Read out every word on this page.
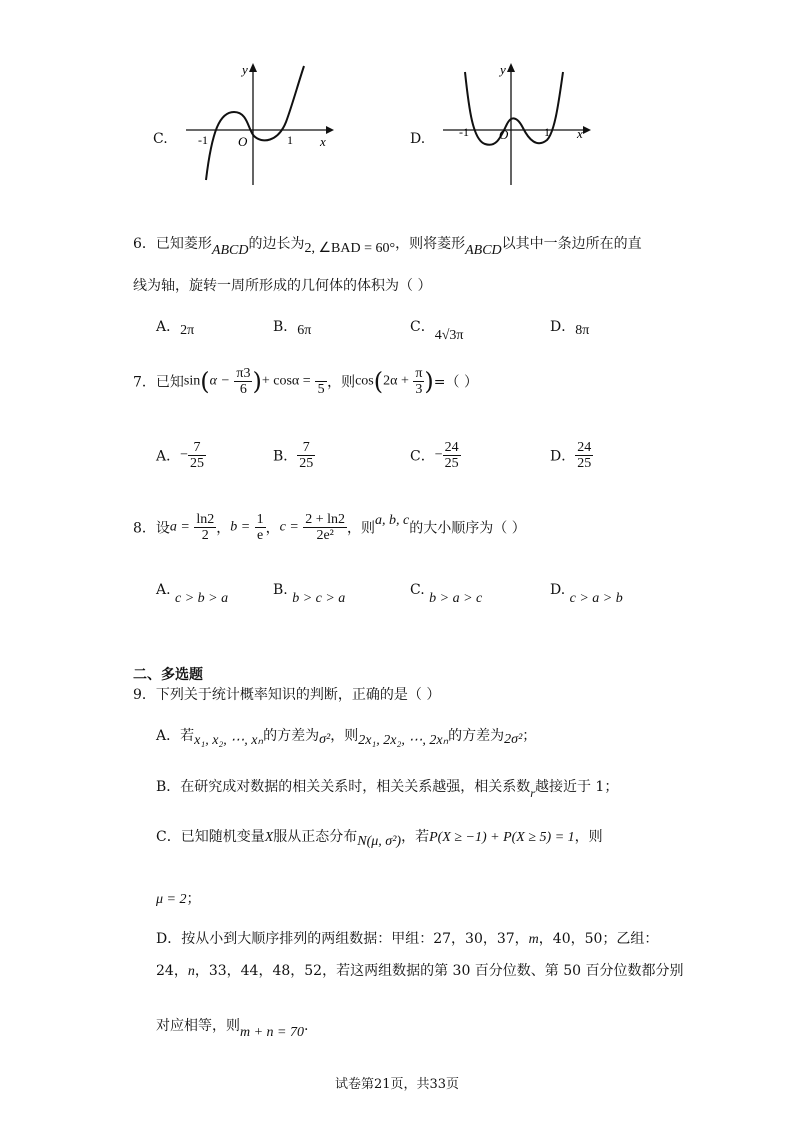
C.	-1 O	1 x
y
D.	-1 O	1 x
y
6．已知菱形ABCD的边长为2, ∠BAD = 60°，则将菱形ABCD以其中一条边所在的直
线为轴，旋转一周所形成的几何体的体积为（ ）
A．2π	B．6π	C．4√3π
D．8π
7．已知$\sin(\alpha - \frac{\pi 3}{6}$ )+ cosα =

5 ，则$\cos(2\alpha + \frac{\pi}{3}$ )=（ ）
A．− $\frac{7}{25}$	B． $\frac{7}{25}$	C．− $\frac{24}{25}$	D． $\frac{24}{25}$
8．设$a = \frac{\ln 2}{2}$ ，$b = \frac{1}{e}$ ，$c = \frac{2 + \ln 2}{\text{2e²}}$ ，则a, b, c的大小顺序为（ ）
A. c > b > a
B. b > c > a
C. b > a > c
D. c > a > b
二、多选题
9．下列关于统计概率知识的判断，正确的是（ ）
A．若x₁, x₂, ⋯, xₙ的方差为σ²，则2x₁, 2x₂, ⋯, 2xₙ的方差为2σ²；
B．在研究成对数据的相关关系时，相关关系越强，相关系数r越接近于 1；
C．已知随机变量X服从正态分布N(μ, σ²)，若P(X ≥ −1) + P(X ≥ 5) = 1，则
μ = 2；
D．按从小到大顺序排列的两组数据：甲组：27，30，37，m，40，50；乙组：
24，n，33，44，48，52，若这两组数据的第 30 百分位数、第 50 百分位数都分别
对应相等，则m + n = 70.
试卷第21页，共33页
